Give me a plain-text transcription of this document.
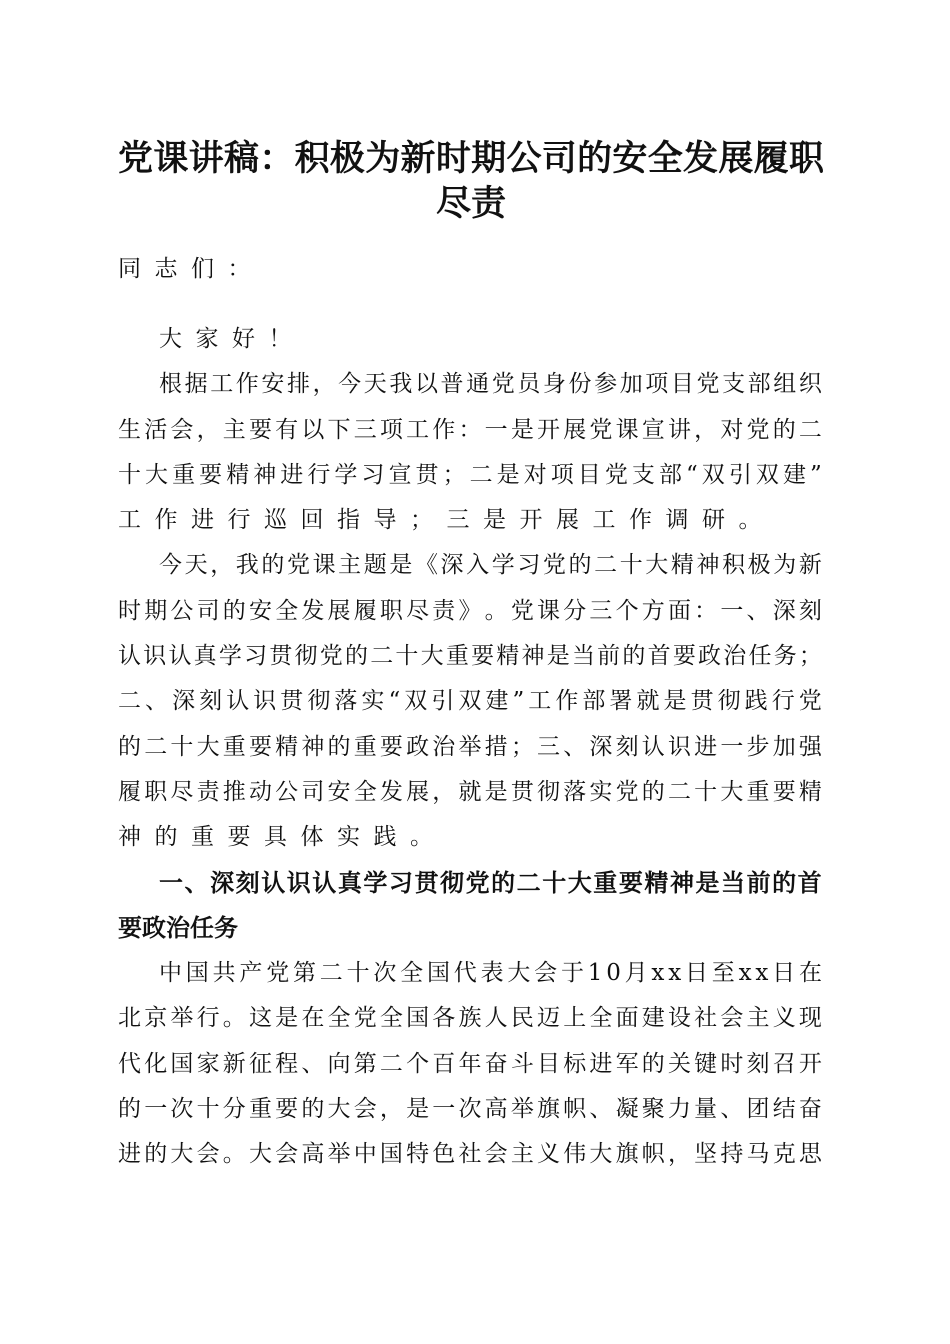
党 课 讲 稿 ： 积 极 为 新 时 期 公 司 的 安 全 发 展 履 职
尽责
同志们：
大家好！
根 据 工 作 安 排 ， 今 天 我 以 普 通 党 员 身 份 参 加 项 目 党 支 部 组 织
生 活 会 ， 主 要 有 以 下 三 项 工 作 ： 一 是 开 展 党 课 宣 讲 ， 对 党 的 二
十 大 重 要 精 神 进 行 学 习 宣 贯 ； 二 是 对 项 目 党 支 部 “ 双 引 双 建 ”
工作进行巡回指导；三是开展工作调研。
今 天 ， 我 的 党 课 主 题 是 《 深 入 学 习 党 的 二 十 大 精 神 积 极 为 新
时 期 公 司 的 安 全 发 展 履 职 尽 责 》 。 党 课 分 三 个 方 面 ： 一 、 深 刻
认 识 认 真 学 习 贯 彻 党 的 二 十 大 重 要 精 神 是 当 前 的 首 要 政 治 任 务 ；
二 、 深 刻 认 识 贯 彻 落 实 “ 双 引 双 建 ” 工 作 部 署 就 是 贯 彻 践 行 党
的 二 十 大 重 要 精 神 的 重 要 政 治 举 措 ； 三 、 深 刻 认 识 进 一 步 加 强
履 职 尽 责 推 动 公 司 安 全 发 展 ， 就 是 贯 彻 落 实 党 的 二 十 大 重 要 精
神的重要具体实践。
一 、 深 刻 认 识 认 真 学 习 贯 彻 党 的 二 十 大 重 要 精 神 是 当 前 的 首
要政治任务
中 国 共 产 党 第 二 十 次 全 国 代 表 大 会 于 1 0 月 x x 日 至 x x 日 在
北 京 举 行 。 这 是 在 全 党 全 国 各 族 人 民 迈 上 全 面 建 设 社 会 主 义 现
代 化 国 家 新 征 程 、 向 第 二 个 百 年 奋 斗 目 标 进 军 的 关 键 时 刻 召 开
的 一 次 十 分 重 要 的 大 会 ， 是 一 次 高 举 旗 帜 、 凝 聚 力 量 、 团 结 奋
进 的 大 会 。 大 会 高 举 中 国 特 色 社 会 主 义 伟 大 旗 帜 ， 坚 持 马 克 思
